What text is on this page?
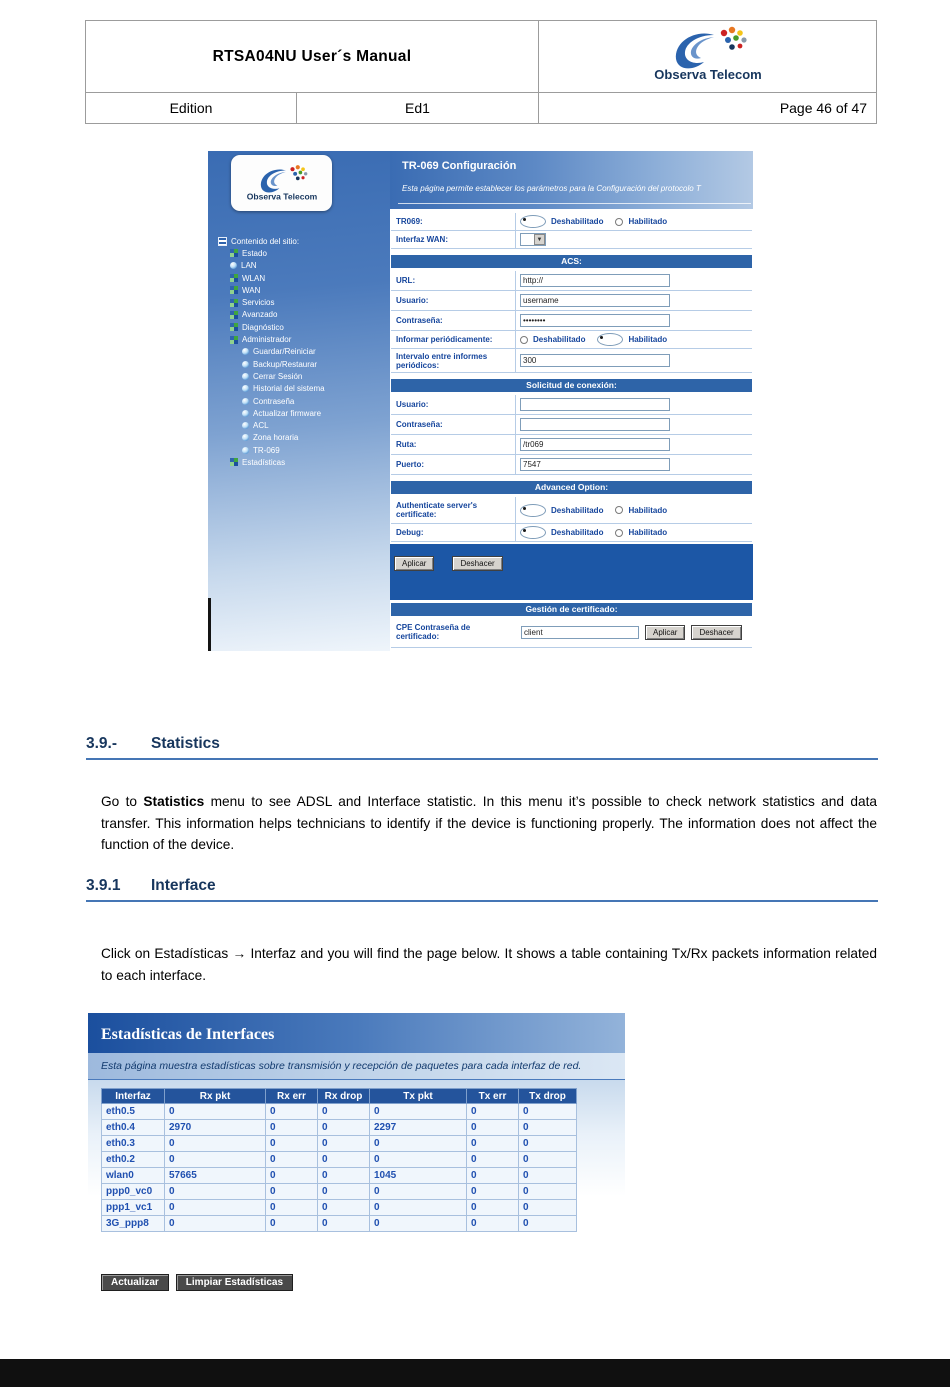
RTSA04NU User´s Manual		Observa Telecom

Edition	Ed1	Page 46 of 47
Observa Telecom
Contenido del sitio:
Estado
LAN
WLAN
WAN
Servicios
Avanzado
Diagnóstico
Administrador
Guardar/Reiniciar
Backup/Restaurar
Cerrar Sesión
Historial del sistema
Contraseña
Actualizar firmware
ACL
Zona horaria
TR-069
Estadísticas
TR-069 Configuración
Esta página permite establecer los parámetros para la Configuración del protocolo T
TR069:	Deshabilitado	Habilitado
Interfaz WAN:	▼
ACS:
URL:
http://
Usuario:
username
Contraseña:
••••••••
Informar periódicamente:	Deshabilitado	Habilitado
Intervalo entre informes periódicos:
300
Solicitud de conexión:
Usuario:
Contraseña:
Ruta:
/tr069
Puerto:
7547
Advanced Option:
Authenticate server's certificate:	Deshabilitado	Habilitado
Debug:	Deshabilitado	Habilitado
Aplicar	Deshacer
Gestión de certificado:
CPE Contraseña de certificado:
client	Aplicar	Deshacer
3.9.-	Statistics

Go to Statistics menu to see ADSL and Interface statistic. In this menu it’s possible to check network statistics and data transfer. This information helps technicians to identify if the device is functioning properly. The information does not affect the function of the device.

3.9.1	Interface

Click on Estadísticas → Interfaz and you will find the page below. It shows a table containing Tx/Rx packets information related to each interface.

Estadísticas de Interfaces
Esta página muestra estadísticas sobre transmisión y recepción de paquetes para cada interfaz de red.
Interfaz	Rx pkt	Rx err	Rx drop	Tx pkt	Tx err	Tx drop
eth0.5	0	0	0	0	0	0
eth0.4	2970	0	0	2297	0	0
eth0.3	0	0	0	0	0	0
eth0.2	0	0	0	0	0	0
wlan0	57665	0	0	1045	0	0
ppp0_vc0	0	0	0	0	0	0
ppp1_vc1	0	0	0	0	0	0
3G_ppp8	0	0	0	0	0	0
Actualizar	Limpiar Estadísticas
